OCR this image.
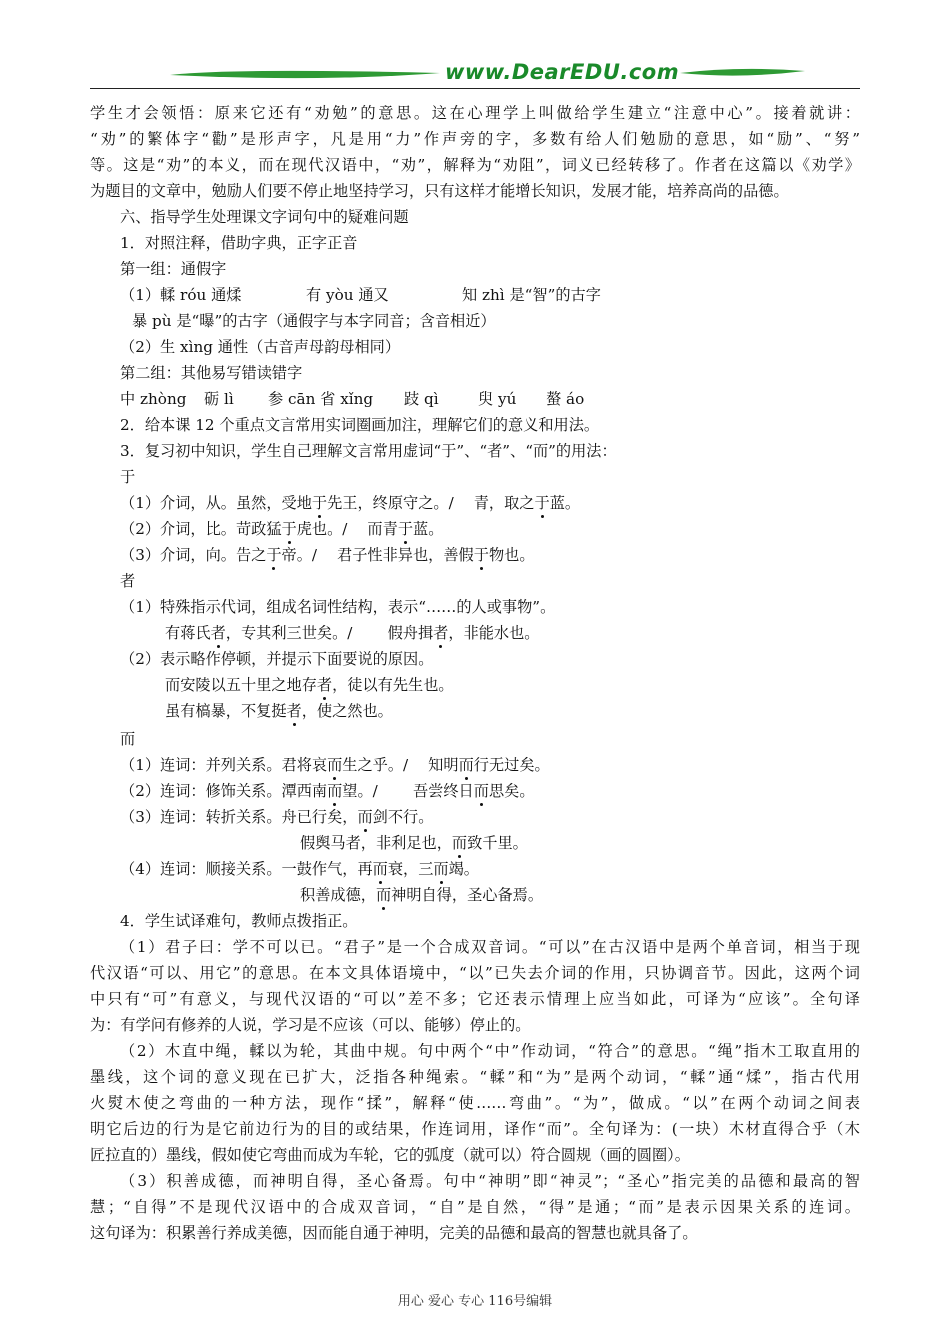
www.DearEDU.com
学生才会领悟：原来它还有“劝勉”的意思。这在心理学上叫做给学生建立“注意中心”。接着就讲：
“劝”的繁体字“勸”是形声字，凡是用“力”作声旁的字，多数有给人们勉励的意思，如“励”、“努”
等。这是“劝”的本义，而在现代汉语中，“劝”，解释为“劝阻”，词义已经转移了。作者在这篇以《劝学》
为题目的文章中，勉励人们要不停止地坚持学习，只有这样才能增长知识，发展才能，培养高尚的品德。
六、指导学生处理课文字词句中的疑难问题
1．对照注释，借助字典，正字正音
第一组：通假字
（1）輮 róu 通煣	有 yòu 通又	知 zhì 是“智”的古字
暴 pù 是“曝”的古字（通假字与本字同音；含音相近）
（2）生 xìng 通性（古音声母韵母相同）
第二组：其他易写错读错字
中 zhòng 砺 lì 参 cān 省 xǐng 跂 qì	臾 yú 螯 áo
2．给本课 12 个重点文言常用实词圈画加注，理解它们的意义和用法。
3．复习初中知识，学生自己理解文言常用虚词“于”、“者”、“而”的用法：
于
（1）介词，从。虽然，受地于先王，终原守之。/　 青，取之于蓝。
（2）介词，比。苛政猛于虎也。/　 而青于蓝。
（3）介词，向。告之于帝。/　 君子性非异也，善假于物也。
者
（1）特殊指示代词，组成名词性结构，表示“……的人或事物”。
有蒋氏者，专其利三世矣。/　　 假舟揖者，非能水也。
（2）表示略作停顿，并提示下面要说的原因。
而安陵以五十里之地存者，徒以有先生也。
虽有槁暴，不复挺者，使之然也。
而
（1）连词：并列关系。君将哀而生之乎。/　 知明而行无过矣。
（2）连词：修饰关系。潭西南而望。/　　 吾尝终日而思矣。
（3）连词：转折关系。舟已行矣，而剑不行。
假舆马者，非利足也，而致千里。
（4）连词：顺接关系。一鼓作气，再而衰，三而竭。
积善成德，而神明自得，圣心备焉。
4．学生试译难句，教师点拨指正。
（1）君子曰：学不可以已。“君子”是一个合成双音词。“可以”在古汉语中是两个单音词，相当于现
代汉语“可以、用它”的意思。在本文具体语境中，“以”已失去介词的作用，只协调音节。因此，这两个词
中只有“可”有意义，与现代汉语的“可以”差不多；它还表示情理上应当如此，可译为“应该”。全句译
为：有学问有修养的人说，学习是不应该（可以、能够）停止的。
（2）木直中绳，輮以为轮，其曲中规。句中两个“中”作动词，“符合”的意思。“绳”指木工取直用的
墨线，这个词的意义现在已扩大，泛指各种绳索。“輮”和“为”是两个动词，“輮”通“煣”，指古代用
火熨木使之弯曲的一种方法，现作“揉”，解释“使……弯曲”。“为”，做成。“以”在两个动词之间表
明它后边的行为是它前边行为的目的或结果，作连词用，译作“而”。全句译为：(一块）木材直得合乎（木
匠拉直的）墨线，假如使它弯曲而成为车轮，它的弧度（就可以）符合圆规（画的圆圈）。
（3）积善成德，而神明自得，圣心备焉。句中“神明”即“神灵”；“圣心”指完美的品德和最高的智
慧；“自得”不是现代汉语中的合成双音词，“自”是自然，“得”是通；“而”是表示因果关系的连词。
这句译为：积累善行养成美德，因而能自通于神明，完美的品德和最高的智慧也就具备了。
用心 爱心 专心 116号编辑
